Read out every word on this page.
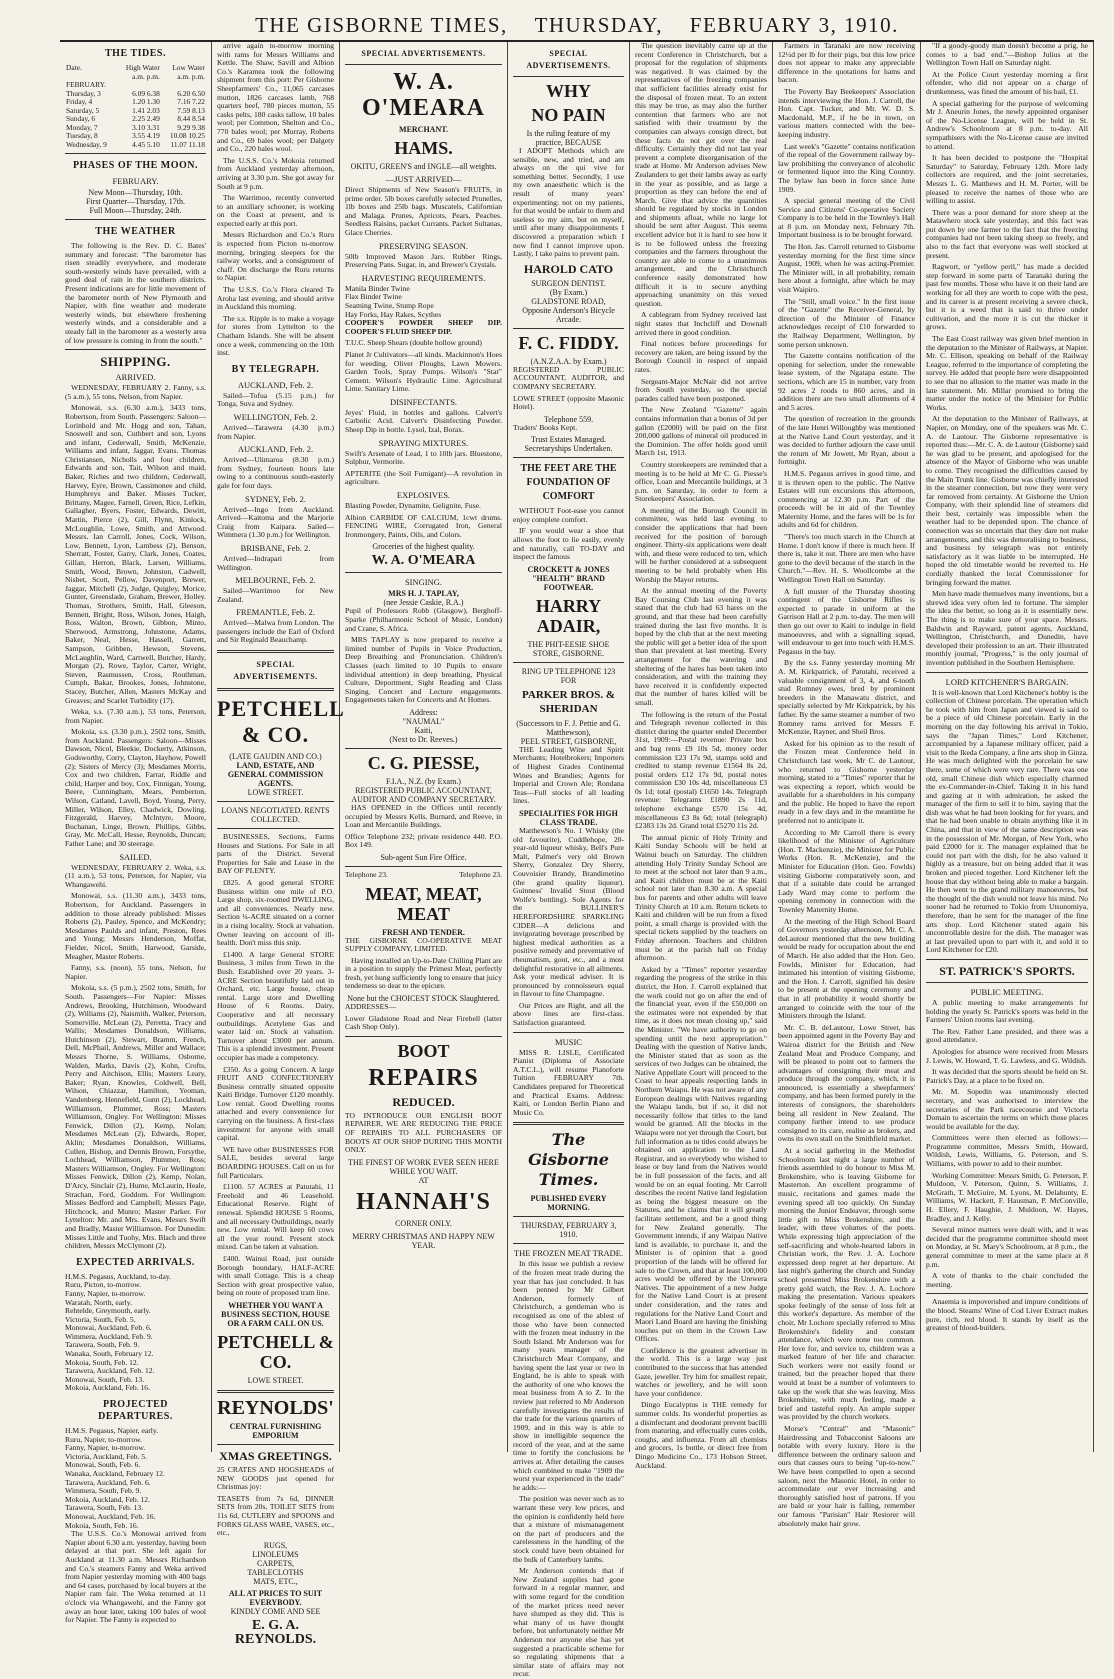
THE GISBORNE TIMES, THURSDAY, FEBRUARY 3, 1910.
THE TIDES.
Date.	High Water	Low Water
	a.m. p.m.	a.m. p.m.
FEBRUARY.		
Thursday, 3	6.09 6.38	6.20 6.50
Friday, 4	1.20 1.30	7.16 7.22
Saturday, 5	1.41 2.03	7.59 8.13
Sunday, 6	2.25 2.49	8.44 8.54
Monday, 7	3.10 3.31	9.29 9.38
Tuesday, 8	3.55 4.19	10.08 10.25
Wednesday, 9	4.45 5.10	11.07 11.18
PHASES OF THE MOON.
FEBRUARY.
New Moon—Thursday, 10th.
First Quarter—Thursday, 17th.
Full Moon—Thursday, 24th.
THE WEATHER

The following is the Rev. D. C. Bates' summary and forecast: "The barometer has risen steadily everywhere, and moderate south-westerly winds have prevailed, with a good deal of rain in the southern districts. Present indications are for little movement of the barometer north of New Plymouth and Napier, with fine weather and moderate westerly winds, but elsewhere freshening westerly winds, and a considerable and a steady fall in the barometer as a westerly area of low pressure is coming in from the south."

SHIPPING.
ARRIVED.

WEDNESDAY, FEBRUARY 2. Fanny, s.s. (5 a.m.), 55 tons, Nelson, from Napier.

Monowai, s.s. (6.30 a.m.), 3433 tons, Robertson, from South. Passengers: Saloon—Lorinhold and Mr. Hogg and son, Tahan, Snoswell and son, Cuthbert and son, Lyons and infant, Cederwall, Smith, McKenzie, Williams and infant, Jaggar, Evans. Thomas Christiansen, Nicholls and four children, Edwards and son, Tait, Wilson and maid, Baker, Riches and two children, Cederwall, Harvey, Eyre, Brown, Cassimonee and child, Humphreys and Baker. Misses Tucker, Brittany, Magee, Farnell, Green, Rice, Lefkin, Gallagher, Byers, Foster, Edwards, Dewitt, Martin, Pierce (2), Gill, Flynn, Kinlock, McLoughlin, Lowe, Smith, and Attwood. Messrs. Ian Carroll, Jones, Cock, Wilson, Low, Bennett, Lyon, Lambess (2), Benson, Sherratt, Foster, Garry, Clark, Jones, Coates, Gillan, Herron, Black, Larsen, Williams, Smith, Wood, Brown, Johnston, Cadwell, Nisbet, Scott, Pellow, Davenport, Brewer, Jaggar, Mitchell (2), Judge, Quigley, Morice, Gunter, Greenslade, Graham, Brewer, Holley. Thomas, Strothers, Smith, Hall, Gleeson, Bennett, Bright, Ross, Wilson, Jones, Haigh, Ross, Walton, Brown, Gibbon, Minto, Sherwood, Armstrong, Johnstone, Adams, Baker, Neal, Hesse, Hassell, Garrett, Sampson, Gribben, Hewson, Stevens, McLaughlin, Ward, Cartwell, Butcher, Hardy, Morgan (2), Rowe, Taylor, Carter, Wright, Steven, Rasmussen, Cross, Routhman, Cumph, Bakar, Brookes, Jones, Johnstone, Stacey, Butcher, Allen, Masters McKay and Greaves; and Scarlet Turbidity (17).

Weka, s.s. (7.30 a.m.), 53 tons, Peterson, from Napier.

Mokoia, s.s. (3.30 p.m.), 2502 tons, Smith, from Auckland. Passengers: Saloon—Misses Dawson, Nicol, Bleekie, Dockerty, Atkinson, Godsworthy, Corry, Clayton, Hayhow, Powell (2); Sisters of Mercy (3); Mesdames Morris, Cox and two children, Farrar, Riddle and child, Harper and boy, Cox, Finnigan, Young, Beere, Cunningham, Mears, Pemberton, Wilson, Catland, Lavell, Boyd, Young, Perry, Miller, Wilson, Elley, Chadwick, Dowling, Fitzgerald, Harvey, McIntyre, Moore, Buchanan, Linge, Brown, Phillips, Gibbs, Gray, Mr. McCall, Hesse, Reynolds, Duncan; Father Lane; and 30 steerage.

SAILED.

WEDNESDAY, FEBRUARY 2. Weka, s.s. (11 a.m.), 53 tons, Peterson, for Napier, via Whangawehi.

Monowai, s.s. (11.30 a.m.), 3433 tons, Robertson, for Auckland. Passengers in addition to those already published: Misses Roberts (2), Pauley, Spence, and McKendry; Mesdames Paulds and infant, Preston, Rees and Young; Messrs Henderson, Moffat, Fielder, Nicol, Smith, Harwood, Garside, Meagher, Master Roberts.

Fanny, s.s. (noon), 55 tons, Nelson, for Napier.

Mokoia, s.s. (5 p.m.), 2502 tons, Smith, for South. Passengers—For Napier: Misses Andrews, Brooking, Hutchinson, Woodward (2), Williams (2), Naismith, Walker, Peterson, Somerville, McLean (2), Perretta, Tracy and Wallis; Mesdames Donaldson, Williams, Hutchinson (2), Stewart, Bramm, French, Dell, McPhail, Andrews, Miller and Wallace; Messrs Thorne, S. Williams, Osborne, Walden, Marks, Davis (2), Kohn, Crofts, Perry and Aitchison, Ellis; Masters Leary, Baker; Ryan, Knowles, Coldwell, Bell, Wilson, Chiazzar, Hamilton, Yeoman, Vandenberg, Hennefield, Gunn (2), Lockhead, Williamson, Plummer, Ross; Masters Williamson, Ongley. For Wellington: Misses Fenwick, Dillon (2), Kemp, Nolan; Mesdames McLean (2), Edwards, Roper, Aklin; Mesdames Donaldson, Williams, Cullen, Bishop, and Dennis Brown, Forsythe, Lochhead, Williamson, Plummer, Ross; Masters Williamson, Ongley. For Wellington: Misses Fenwick, Dillon (2), Kemp, Nolan, D'Arcy, Sinclair (2), Hume, McLaurin, Heale, Strachan, Ford, Goddom. For Wellington: Misses Bedford and Campbell; Messrs Page, Hitchcock, and Munro; Master Parker. For Lyttelton: Mr. and Mrs. Evans, Messrs Swift and Bradly, Master Williamson. For Dunedin: Misses Little and Tuohy, Mrs. Blach and three children, Messrs McClymont (2).

EXPECTED ARRIVALS.

H.M.S. Pegasus, Auckland, to-day.

Ruru, Picton, to-morrow.

Fanny, Napier, to-morrow.

Waratah, North, early.

Rehtelde, Greymouth, early.

Victoria, South, Feb. 5.

Monowai, Auckland, Feb. 6.

Wimmera, Auckland, Feb. 9.

Tarawera, South, Feb. 9.

Wanaka, South, February 12.

Mokoia, South, Feb. 12.

Tarawera, Auckland, Feb. 12.

Monowai, South, Feb. 13.

Mokoia, Auckland, Feb. 16.

PROJECTED DEPARTURES.

H.M.S. Pegasus, Napier, early.

Ruru, Napier, to-morrow.

Fanny, Napier, to-morrow.

Victoria, Auckland, Feb. 5.

Monowai, South, Feb. 6.

Wanaka, Auckland, February 12.

Tarawera, Auckland, Feb. 6.

Wimmera, South, Feb. 9.

Mokoia, Auckland, Feb. 12.

Tarawera, South, Feb. 13.

Monowai, Auckland, Feb. 16.

Mokoia, South, Feb. 16.

The U.S.S. Co.'s Monowai arrived from Napier about 6.30 a.m. yesterday, having been delayed at that port. She left again for Auckland at 11.30 a.m. Messrs Richardson and Co.'s steamers Fanny and Weka arrived from Napier yesterday morning with 400 bags and 64 cases, purchased by local buyers at the Napier ram fair. The Weka returned at 11 o'clock via Whangawehi, and the Fanny got away an hour later, taking 100 bales of wool for Napier. The Fanny is expected to

arrive again to-morrow morning with rams for Messrs Williams and Kettle. The Shaw, Savill and Albion Co.'s Karamea took the following shipment from this port: Per Gisborne Sheepfarmers' Co., 11,065 carcases mutton, 1826 carcases lamb, 768 quarters beef, 780 pieces mutton, 55 casks pelts, 180 casks tallow, 10 bales wool; per Common, Shelton and Co., 770 bales wool; per Murray, Roberts and Co., 69 bales wool; per Dalgety and Co., 220 bales wool.

The U.S.S. Co.'s Mokoia returned from Auckland yesterday afternoon, arriving at 3.30 p.m. She got away for South at 9 p.m.

The Warrimoo, recently converted to an auxiliary schooner, is working on the Coast at present, and is expected early at this port.

Messrs Richardson and Co.'s Ruru is expected from Picton to-morrow morning, bringing sleepers for the railway works, and a consignment of chaff. On discharge the Ruru returns to Napier.

The U.S.S. Co.'s Flora cleared Te Aroha last evening, and should arrive in Auckland this morning.

The s.s. Ripple is to make a voyage for stores from Lyttelton to the Chatham Islands. She will be absent once a week, commencing on the 10th inst.

BY TELEGRAPH.
AUCKLAND, Feb. 2.

Sailed—Tofua (5.15 p.m.) for Tonga, Suva and Sydney.

WELLINGTON, Feb. 2.

Arrived—Tarawera (4.30 p.m.) from Napier.

AUCKLAND, Feb. 2.

Arrived—Ulimaroa (8.30 p.m.) from Sydney, fourteen hours late owing to a continuous south-easterly gale for four days.

SYDNEY, Feb. 2.

Arrived—Ingo from Auckland. Arrived—Kaitoma and the Marjorie Craig from Kaipara. Sailed—Wimmera (1.30 p.m.) for Wellington.

BRISBANE, Feb. 2.

Arrived—Indrapari from Wellington.

MELBOURNE, Feb. 2.

Sailed—Warrimoo for New Zealand.

FREMANTLE, Feb. 2.

Arrived—Malwa from London. The passengers include the Earl of Oxford and Sir Reginald Beauchamp.

SPECIAL ADVERTISEMENTS.
PETCHELL & CO.
(LATE GAUDIN AND CO.)
LAND, ESTATE, AND GENERAL COMMISSION AGENTS.
LOWE STREET.
LOANS NEGOTIATED. RENTS COLLECTED.

BUSINESSES, Sections, Farms Houses and Stations. For Sale in all parts of the District. Several Properties for Sale and Lease in the BAY OF PLENTY.

£825. A good general STORE Business within one mile of P.O. Large shop, six-roomed DWELLING, and all conveniences. Nearly new. Section ¼-ACRE situated on a corner in a rising locality. Stock at valuation. Owner leaving on account of ill-health. Don't miss this snip.

£1400. A large General STORE Business, 3 miles from Town in the Bush. Established over 20 years. 3-ACRE Section beautifully laid out in Orchard, etc. Large house, cheap rental. Large store and Dwelling House of 6 Rooms. Dairy, Cooperative and all necessary outbuildings. Acetylene Gas and water laid on. Stock at valuation. Turnover about £3000 per annum. This is a splendid investment. Present occupier has made a competency.

£350. As a going Concern. A large FRUIT AND CONFECTIONERY Business centrally situated opposite Kaiti Bridge. Turnover £120 monthly. Low rental. Good Dwelling rooms attached and every convenience for carrying on the business. A first-class investment for anyone with small capital.

WE have other BUSINESSES FOR SALE, besides several large BOARDING HOUSES. Call on us for full Particulars.

£1100. 57 ACRES at Patutahi, 11 Freehold and 46 Leasehold. Educational Reserve. Right of renewal. Splendid HOUSE 5 Rooms, and all necessary Outbuildings, nearly new. Low rental. Will keep 60 cows all the year round. Present stock mixed. Can be taken at valuation.

£400. Wainui Road, just outside Borough boundary, HALF-ACRE with small Cottage. This is a cheap Section with great prospective value, being on route of proposed tram line.

WHETHER YOU WANT A BUSINESS SECTION, HOUSE OR A FARM CALL ON US.
PETCHELL & CO.
LOWE STREET.
REYNOLDS'
CENTRAL FURNISHING EMPORIUM
XMAS GREETINGS.

25 CRATES AND HOGSHEADS of NEW GOODS just opened for Christmas joy:

TEASETS from 7s 6d, DINNER SETS from 20s, TOILET SETS from 11s 6d, CUTLERY and SPOONS and FORKS GLASS WARE, VASES, etc., etc.,

RUGS,
LINOLEUMS
CARPETS,
TABLECLOTHS
MATS, ETC.,
ALL AT PRICES TO SUIT EVERYBODY.
KINDLY COME AND SEE
E. G. A. REYNOLDS.
SPECIAL ADVERTISEMENTS.
W. A. O'MEARA
MERCHANT.
HAMS.
OKITU, GREEN'S and INGLE—all weights.
—JUST ARRIVED—

Direct Shipments of New Season's FRUITS, in prime order. 5lb boxes carefully selected Prunelles, 1lb boxes and 25lb bags. Muscatels, Californian and Malaga. Prunes, Apricots, Pears, Peaches. Seedless Raisins, packet Currants. Packet Sultanas, Glace Cherries.

PRESERVING SEASON.

50lb Improved Mason Jars. Rubber Rings, Preserving Pans. Sugar, in, and Brewer's Crystals.

HARVESTING REQUIREMENTS.

Manila Binder Twine

Flax Binder Twine

Seaming Twine, Stump Rope

Hay Forks, Hay Rakes, Scythes

COOPER'S POWDER SHEEP DIP. COOPER'S FLUID SHEEP DIP.

T.U.C. Sheep Shears (double hollow ground)

Planet Jr Cultivators—all kinds. Mackinnon's Hoes for weeding. Oliver Ploughs, Lawn Mowers. Garden Tools, Spray Pumps. Wilson's "Star" Cement. Wilson's Hydraulic Lime. Agricultural Lime. Sanitary Lime.

DISINFECTANTS.

Jeyes' Fluid, in bottles and gallons. Calvert's Carbolic Acid. Calvert's Disinfecting Powder. Sheep Dip in bottle. Lysol, Izal, Borax.

SPRAYING MIXTURES.

Swift's Arsenate of Lead, 1 to 10lb jars. Bluestone, Sulphur, Vermorite.

APTERITE (the Soil Fumigant)—A revolution in agriculture.

EXPLOSIVES.

Blasting Powder, Dynamite, Gelignite, Fuse.

Albion CARBIDE OF CALCIUM, 1cwt drums. FENCING WIRE, Corrugated Iron, General Ironmongery, Paints, Oils, and Colors.

Groceries of the highest quality.
W. A. O'MEARA
SINGING.
MRS H. J. TAPLAY,
(nee Jessie Caskie, R.A.)

Pupil of Professors Robb (Glasgow), Berghoff-Sparke (Philharmonic School of Music, London) and Crane, S. Africa.

MRS TAPLAY is now prepared to receive a limited number of Pupils in Voice Production, Deep Breathing and Pronunciation. Children's Classes (each limited to 10 Pupils to ensure individual attention) in deep breathing, Physical Culture, Deportment, Sight Reading and Class Singing. Concert and Lecture engagements. Engagements taken for Concerts and At Homes.

Address:
"NAUMAL"
Kaiti,
(Next to Dr. Reeves.)
C. G. PIESSE,
F.I.A., N.Z. (by Exam.)
REGISTERED PUBLIC ACCOUNTANT, AUDITOR AND COMPANY SECRETARY.

HAS OPENED in the Offices until recently occupied by Messrs Kells, Burnard, and Reeve, in Loan and Mercantile Buildings.

Office Telephone 232; private residence 440. P.O. Box 149.

Sub-agent Sun Fire Office.
Telephone 23.	Telephone 23.
MEAT, MEAT, MEAT
FRESH AND TENDER.

THE GISBORNE CO-OPERATIVE MEAT SUPPLY COMPANY, LIMITED.

Having installed an Up-to-Date Chilling Plant are in a position to supply the Primest Meat, perfectly fresh, yet hung sufficiently long to ensure that juicy tenderness so dear to the epicure.

None but the CHOICEST STOCK Slaughtered.

ADDRESSES—

Lower Gladstone Road and Near Firebell (latter Cash Shop Only).

BOOT
REPAIRS
REDUCED.

TO INTRODUCE OUR ENGLISH BOOT REPAIRER, WE ARE REDUCING THE PRICE OF REPAIRS TO ALL PURCHASERS OF BOOTS AT OUR SHOP DURING THIS MONTH ONLY.

THE FINEST OF WORK EVER SEEN HERE WHILE YOU WAIT.
AT
HANNAH'S
CORNER ONLY.
MERRY CHRISTMAS AND HAPPY NEW YEAR.
SPECIAL ADVERTISEMENTS.
WHY
NO PAIN
Is the ruling feature of my practice, BECAUSE

I ADOPT Methods which are sensible, new, and tried, and am always on the qui vive for something better. Secondly, I use my own anaesthetic which is the result of many years' experimenting: not on my patients, for that would be unfair to them and useless to my aim, but on myself, until after many disappointments I discovered a preparation which I now find I cannot improve upon. Lastly, I take pains to prevent pain.

HAROLD CATO
SURGEON DENTIST.
(By Exam.)
GLADSTONE ROAD,
Opposite Anderson's Bicycle Arcade.
F. C. FIDDY.
(A.N.Z.A.A. by Exam.)

REGISTERED PUBLIC ACCOUNTANT, AUDITOR, and COMPANY SECRETARY.

LOWE STREET (opposite Masonic Hotel).

Telephone 559.

Traders' Books Kept.

Trust Estates Managed.
Secretaryships Undertaken.
THE FEET ARE THE FOUNDATION OF COMFORT

WITHOUT Foot-ease you cannot enjoy complete comfort.

IF you would wear a shoe that allows the foot to lie easily, evenly and naturally, call TO-DAY and inspect the famous

CROCKETT & JONES "HEALTH" BRAND FOOTWEAR.
HARRY ADAIR,
THE PHIT-EESIE SHOE STORE, GISBORNE.
RING UP TELEPHONE 123 FOR
PARKER BROS. & SHERIDAN
(Successors to F. J. Pettie and G. Matthewson),
PEEL STREET, GISBORNE,

THE Leading Wine and Spirit Merchants; Hotelbrokers; Importers of Highest Grades Continental Wines and Brandies; Agents for Imperial and Crown Ale; Rondana Teas—Full stocks of all leading lines.

SPECIALITIES FOR HIGH CLASS TRADE.

Matthewson's No. 1 Whisky (the old favourite), Cuddlehope, 20-year-old liqueur whisky, Bell's Pure Malt, Palmer's very old Brown Sherry, Gonzalez Dry Sherry, Couvoisier Brandy, Brandimetino (the grand quality liqueur). Guinness' Invalid Stout (Blood Wolfe's bottling). Sole Agents for the BULLINER'S HEREFORDSHIRE SPARKLING CIDER—A delicious and invigorating beverage prescribed by highest medical authorities as a positive remedy and preventative of rheumatism, gout, etc., and a most delightful restorative in all ailments. Ask your medical adviser. It is pronounced by connoisseurs equal in flavour to fine Champagne.

Our Prices are Right, and all the above lines are first-class. Satisfaction guaranteed.

MUSIC

MISS R. LISLE, Certificated Pianist (Diploma of Associate A.T.C.L.), will resume Pianoforte Tuition FEBRUARY 7th. Candidates prepared for Theoretical and Practical Exams. Address: Kaiti, or London Berlin Piano and Music Co.

The Gisborne Times.
PUBLISHED EVERY MORNING.
THURSDAY, FEBRUARY 3, 1910.
THE FROZEN MEAT TRADE.

In this issue we publish a review of the frozen meat trade during the year that has just concluded. It has been penned by Mr Gilbert Anderson, formerly of Christchurch, a gentleman who is recognised as one of the ablest of those who have been connected with the frozen meat industry in the South Island. Mr Anderson was for many years manager of the Christchurch Meat Company, and having spent the last year or two in England, he is able to speak with the authority of one who knows the meat business from A to Z. In the review just referred to Mr Anderson carefully investigates the results of the trade for the various quarters of 1909, and in this way is able to show in intelligible sequence the record of the year, and at the same time to fortify the conclusions he arrives at. After detailing the causes which combined to make "1909 the worst year experienced in the trade" he adds:—

The position was never such as to warrant these very low prices, and the opinion is confidently held here that a mixture of mismanagement on the part of producers and the carelessness in the handling of the stock could have been obtained for the bulk of Canterbury lambs.

Mr Anderson contends that if New Zealand supplies had gone forward in a regular manner, and with some regard for the condition of the market prices need never have slumped as they did. This is what many of us have thought before, but unfortunately neither Mr Anderson nor anyone else has yet suggested a practicable scheme for so regulating shipments that a similar state of affairs may not recur.

The question inevitably came up at the recent Conference in Christchurch, but a proposal for the regulation of shipments was negatived. It was claimed by the representatives of the freezing companies that sufficient facilities already exist for the disposal of frozen meat. To an extent this may be true, as may also the further contention that farmers who are not satisfied with their treatment by the companies can always consign direct, but these facts do not get over the real difficulty. Certainly they did not last year prevent a complete disorganisation of the trade at Home. Mr Anderson advises New Zealanders to get their lambs away as early in the year as possible, and as large a proportion as they can before the end of March. Give that advice the quantities should be regulated by stocks in London and shipments afloat, while no large lot should be sent after August. This seems excellent advice but it is hard to see how it is to be followed unless the freezing companies and the farmers throughout the country are able to come to a unanimous arrangement, and the Christchurch conference easily demonstrated how difficult it is to secure anything approaching unanimity on this vexed question.

A cablegram from Sydney received last night states that Inchcliff and Downall arrived there in good condition.

Final notices before proceedings for recovery are taken, are being issued by the Borough Council in respect of unpaid rates.

Sergeant-Major McNair did not arrive from South yesterday, so the special parades called have been postponed.

The New Zealand "Gazette" again contains information that a bonus of 3d per gallon (£2000) will be paid on the first 200,000 gallons of mineral oil produced in the Dominion. The offer holds good until March 1st, 1913.

Country storekeepers are reminded that a meeting is to be held at Mr C. G. Piesse's office, Loan and Mercantile buildings, at 3 p.m. on Saturday, in order to form a Storekeepers' Association.

A meeting of the Borough Council in committee, was held last evening to consider the applications that had been received for the position of borough engineer. Thirty-six applications were dealt with, and these were reduced to ten, which will be further considered at a subsequent meeting to be held probably when His Worship the Mayor returns.

At the annual meeting of the Poverty Bay Coursing Club last evening it was stated that the club had 63 hares on the ground, and that these had been carefully trained during the last five months. It is hoped by the club that at the next meeting the public will get a better idea of the sport than that prevalent at last meeting. Every arrangement for the watering and sheltering of the hares has been taken into consideration, and with the training they have received it is confidently expected that the number of hares killed will be small.

The following is the return of the Postal and Telegraph revenue collected in this district during the quarter ended December 31st, 1909:—Postal revenue: Private box and bag rents £9 10s 5d, money order commission £23 17s 9d, stamps sold and credited to stamp revenue £1564 8s 2d, postal orders £12 17s 9d, postal notes commission £30 10s 4d, miscellaneous £3 0s 1d; total (postal) £1650 14s. Telegraph revenue: Telegrams £1890 2s 11d, telephone exchange £570 15s 4d, miscellaneous £3 8s 6d; total (telegraph) £2383 13s 2d. Grand total £5270 11s 2d.

The annual picnic of Holy Trinity and Kaiti Sunday Schools will be held at Wainui beach on Saturday. The children attending Holy Trinity Sunday School are to meet at the school not later than 9 a.m., and Kaiti children must be at the Kaiti school not later than 8.30 a.m. A special bus for parents and other adults will leave Trinity Church at 10 a.m. Return tickets to Kaiti and children will be run from a fixed point, a small charge is provided with the special tickets supplied by the teachers on Friday afternoon. Teachers and children must be at the parish hall on Friday afternoon.

Asked by a "Times" reporter yesterday regarding the progress of the strike in this district, the Hon. J. Carroll explained that the work could not go on after the end of the financial year, even if the £50,000 on the estimates were not expended by that time, as it does not mean closing up," said the Minister. "We have authority to go on spending until the next appropriation." Dealing with the question of Native lands, the Minister stated that as soon as the services of two Judges can be obtained, the Native Appellate Court will proceed to the Coast to hear appeals respecting lands in Northern Waiapu. He was not aware of any European dealings with Natives regarding the Waiapu lands, but if so, it did not necessarily follow that titles to the land would be granted. All the blocks in the Waiapu were not yet through the Court, but full information as to titles could always be obtained on application to the Land Registrar, and so everybody who wished to lease or buy land from the Natives would be in full possession of the facts, and all would be on an equal footing. Mr Carroll describes the recent Native land legislation as being the biggest measure on the Statutes, and he claims that it will greatly facilitate settlement, and be a good thing for New Zealand generally. The Government intends, if any Waipau Native land is available, to purchase it, and the Minister is of opinion that a good proportion of the lands will be offered for sale to the Crown, and that at least 100,000 acres would be offered by the Urewera Natives. The appointment of a new Judge for the Native Land Court is at present under consideration, and the rates and regulations for the Native Land Court and Maori Land Board are having the finishing touches put on them in the Crown Law Offices.

Confidence is the greatest advertiser in the world. This is a large way just contributed to the success that has attended Gaze, jeweller. Try him for smallest repair, watches or jewellery, and he will soon have your confidence.

Dingo Eucalyptus is THE remedy for summer colds. Its wonderful properties as a disinfectant and deodorant prevent bacilli from maturing, and effectually cures colds, coughs, and influenza. From all chemists and grocers, 1s bottle, or direct free from Dingo Medicine Co., 173 Hobson Street, Auckland.

Farmers in Taranaki are now receiving 12½d per lb for their pigs, but this low price does not appear to make any appreciable difference in the quotations for hams and bacon.

The Poverty Bay Beekeepers' Association intends interviewing the Hon. J. Carroll, the Hon. Capt. Tucker, and Mr. W. D. S. Macdonald, M.P., if he be in town, on various matters connected with the bee-keeping industry.

Last week's "Gazette" contains notification of the repeal of the Government railway by-law prohibiting the conveyance of alcoholic or fermented liquor into the King Country. The bylaw has been in force since June 1909.

A special general meeting of the Civil Service and Citizens' Co-operative Society Company is to be held in the Townley's Hall at 8 p.m. on Monday next, February 7th. Important business is to be brought forward.

The Hon. Jas. Carroll returned to Gisborne yesterday morning for the first time since August, 1909, when he was acting-Premier. The Minister will, in all probability, remain here about a fortnight, after which he may visit Waipiro.

The "Still, small voice." In the first issue of the "Gazette" the Receiver-General, by direction of the Minister of Finance acknowledges receipt of £10 forwarded to the Railway Department, Wellington, by some person unknown.

The Gazette contains notification of the opening for selection, under the renewable lease system, of the Ngatapa estate. The sections, which are 15 in number, vary from 92 acres 2 roods to 860 acres, and in addition there are two small allotments of 4 and 5 acres.

The question of recreation in the grounds of the late Henri Willoughby was mentioned at the Native Land Court yesterday, and it was decided to further adjourn the case until the return of Mr Jowett, Mr Ryan, about a fortnight.

H.M.S. Pegasus arrives in good time, and it is thrown open to the public. The Native Estates will run excursions this afternoon, commencing at 12.30 p.m. Part of the proceeds will be in aid of the Townley Maternity Home, and the fares will be 1s for adults and 6d for children.

"There's too much starch in the Church at Home. I don't know if there is much here. If there is, take it out. There are men who have gone to the devil because of the starch in the Church."—Rev. H. S. Woollcombe at the Wellington Town Hall on Saturday.

A full muster of the Thursday shooting contingent of the Gisborne Rifles is expected to parade in uniform at the Garrison Hall at 2 p.m. to-day. The men will then go out over to Kaiti to indulge in field manoeuvres, and with a signalling squad, will endeavour to get into touch with H.M.S. Pegasus in the bay.

By the s.s. Fanny yesterday morning Mr A. M. Kirkpatrick, of Patutahi, received a valuable consignment of 3, 4, and 6-tooth stud Romney ewes, bred by prominent breeders in the Manawatu district, and specially selected by Mr Kirkpatrick, by his father. By the same steamer a number of two Romney rams arrived for Messrs F. McKenzie, Rayner, and Sheil Bros.

Asked for his opinion as to the result of the Frozen meat Conference held in Christchurch last week, Mr C. de Lautour, who returned to Gisborne yesterday morning, stated to a "Times" reporter that he was expecting a report, which would be available for a shareholders in his company and the public. He hoped to have the report ready in a few days and in the meantime he preferred not to anticipate it.

According to Mr Carroll there is every likelihood of the Minister of Agriculture (Hon. T. Mackenzie), the Minister for Public Works (Hon. R. McKenzie), and the Minister for Education (Hon. Geo. Fowlds) visiting Gisborne comparatively soon, and that if a suitable date could be arranged Lady Ward may come to perform the opening ceremony in connection with the Townley Maternity Home.

At the meeting of the High School Board of Governors yesterday afternoon, Mr. C. A. deLautour mentioned that the new building would be ready for occupation about the end of March. He also added that the Hon. Geo. Fowlds, Minister for Education, had intimated his intention of visiting Gisborne, and the Hon. J. Carroll, signified his desire to be present at the opening ceremony and that in all probability it would shortly be arranged to coincide with the tour of the Ministers through the Island.

Mr. C. B. deLautour, Lowe Street, has been appointed agent in the Poverty Bay and Wairoa district for the British and New Zealand Meat and Produce Company, and will be pleased to point out to farmers the advantages of consigning their meat and produce through the company, which, it is announced, is essentially a sheepfarmers' company, and has been formed purely in the interests of consignors, the shareholders being all resident in New Zealand. The company further intend to see produce consigned to its care, realise as brokers, and owns its own stall on the Smithfield market.

At a social gathering in the Methodist Schoolroom last night a large number of friends assembled to do honour to Miss M. Brokenshire, who is leaving Gisborne for Masterton. An excellent programme of music, recitations and games made the evening speed all too quickly. On Sunday morning the Junior Endeavor, through some little gift to Miss Brokenshire, and the leader, with three volumes of the poets. While expressing high appreciation of the self-sacrificing and whole-hearted labors in Christian work, the Rev. J. A. Lochore expressed deep regret at her departure. At last night's gathering the church and Sunday school presented Miss Brokenshire with a pretty gold watch, the Rev. J. A. Lochore making the presentation. Various speakers spoke feelingly of the sense of loss felt at this worker's departure. As member of the choir, Mr Lochore specially referred to Miss Brokenshire's fidelity and constant attendance, which were none too common. Her love for, and service to, children was a marked feature of her life and character. Such workers were not easily found or trained, but the preacher hoped that there would at least be a number of volunteers to take up the work that she was leaving. Miss Brokenshire, with much feeling, made a brief and tasteful reply. An ample supper was provided by the church workers.

Morse's "Central" and "Masonic" Hairdressing and Tobacconist Saloons are notable with every luxury. Here is the difference between the ordinary saloon and ours that causes ours to being "up-to-now." We have been compelled to open a second saloon, next the Masonic Hotel, in order to accommodate our ever increasing and thoroughly satisfied host of patrons. If you are bald or your hair is falling, remember our famous "Parisian" Hair Restorer will absolutely make hair grow.

"If a goody-goody man doesn't become a prig, he comes to a bad end."—Bishop Julius at the Wellington Town Hall on Saturday night.

At the Police Court yesterday morning a first offender, who did not appear on a charge of drunkenness, was fined the amount of his bail, £1.

A special gathering for the purpose of welcoming Mr J. Aneurin Jones, the newly appointed organiser of the No-License League, will be held in St. Andrew's Schoolroom at 8 p.m. to-day. All sympathisers with the No-License cause are invited to attend.

It has been decided to postpone the "Hospital Saturday" to Saturday, February 12th. More lady collectors are required, and the joint secretaries, Messrs L. G. Matthews and H. M. Porter, will be pleased to receive the names of those who are willing to assist.

There was a poor demand for store sheep at the Matawhero stock sale yesterday, and this fact was put down by one farmer to the fact that the freezing companies had not been taking sheep so freely, and also to the fact that everyone was well stocked at present.

Ragwort, or "yellow peril," has made a decided step forward in some parts of Taranaki during the past few months. Those who have it on their land are working for all they are worth to cope with the pest, and its career is at present receiving a severe check, but it is a weed that is said to thrive under cultivation, and the more it is cut the thicker it grows.

The East Coast railway was given brief mention in the deputation to the Minister of Railways, at Napier. Mr. C. Ellison, speaking on behalf of the Railway League, referred to the importance of completing the survey. He added that people here were disappointed to see that no allusion to the matter was made in the late statement. Mr. Millar promised to bring the matter under the notice of the Minister for Public Works.

At the deputation to the Minister of Railways, at Napier, on Monday, one of the speakers was Mr. C. A. de Lautour. The Gisborne representative is reported thus:—Mr. C. A. de Lautour (Gisborne) said he was glad to be present, and apologised for the absence of the Mayor of Gisborne who was unable to come. They recognised the difficulties caused by the Main Trunk line. Gisborne was chiefly interested in the steamer connection, but now they were very far removed from certainty. At Gisborne the Union Company, with their splendid line of steamers did their best, certainly was impossible when the weather had to be depended upon. The chance of connection was so uncertain that they dare not make arrangements, and this was demoralising to business, and business by telegraph was not entirely satisfactory as it was liable to be interrupted. He hoped the old timetable would be reverted to. He cordially thanked the local Commissioner for bringing forward the matter.

Men have made themselves many inventions, but a shrewd idea very often led to fortune. The simpler the idea the better, so long as it is essentially new. The thing is to make sure of your space. Messrs. Baldwin and Rayward, patent agents, Auckland, Wellington, Christchurch, and Dunedin, have developed their profession to an art. Their illustrated monthly journal, "Progress," is the only journal of invention published in the Southern Hemisphere.

LORD KITCHENER'S BARGAIN.

It is well-known that Lord Kitchener's hobby is the collection of Chinese porcelain. The operation which he took with him from Japan and viewed is said to be a piece of old Chinese porcelain. Early in the morning on the day following his arrival in Tokio, says the "Japan Times," Lord Kitchener, accompanied by a Japanese military officer, paid a visit to the Ikeda Company, a fine arts shop in Ginza. He was much delighted with the porcelain he saw there, some of which were very rare. There was one old, small Chinese dish which especially charmed the ex-Commander-in-Chief. Taking it in his hand and gazing at it with admiration, he asked the manager of the firm to sell it to him, saying that the dish was what he had been looking for for years, and that he had been unable to obtain anything like it in China, and that in view of the same description was in the possession of Mr. Morgan, of New York, who paid £2000 for it. The manager explained that he could not part with the dish, for he also valued it highly as a treasure, but on being added that it was broken and pieced together. Lord Kitchener left the house that day without being able to make a bargain. He then went to the grand military manoeuvres, but the thought of the dish would not leave his mind. No sooner had he returned to Tokio from Utsunomiya, therefore, than he sent for the manager of the fine arts shop. Lord Kitchener stated again his uncontrollable desire for the dish. The manager was at last prevailed upon to part with it, and sold it to Lord Kitchener for £20.

ST. PATRICK'S SPORTS.
PUBLIC MEETING.

A public meeting to make arrangements for holding the yearly St. Patrick's sports was held in the Farmers' Union rooms last evening.

The Rev. Father Lane presided, and there was a good attendance.

Apologies for absence were received from Messrs J. Lewis, W. Howard, T. G. Lawless, and G. Wildish.

It was decided that the sports should be held on St. Patrick's Day, at a place to be fixed on.

Mr. M. Sopedin was unanimously elected secretary, and was authorised to interview the secretaries of the Park racecourse and Victoria Domain to ascertain the terms on which those places would be available for the day.

Committees were then elected as follows:—Programme committee, Messrs Smith, Howard, Wildish, Lewis, Williams, G. Peterson, and S. Williams, with power to add to their number.

Working Committee: Messrs Smith, G. Peterson, P. Muldoon, V. Peterson, Quinn, S. Williams, J. McGrath, T. McGuire, M. Lyons, M. Delahunty, E. Williams, W. Hackett, F. Hausman, P. McConville, H. Ellery, F. Haughie, J. Muldoon, W. Hayes, Bradley, and J. Kelly.

Several minor matters were dealt with, and it was decided that the programme committee should meet on Monday, at St. Mary's Schoolroom, at 8 p.m., the general committee to meet at the same place at 8 p.m.

A vote of thanks to the chair concluded the meeting.

Anaemia is impoverished and impure conditions of the blood. Steams' Wine of Cod Liver Extract makes pure, rich, red blood. It stands by itself as the greatest of blood-builders.
